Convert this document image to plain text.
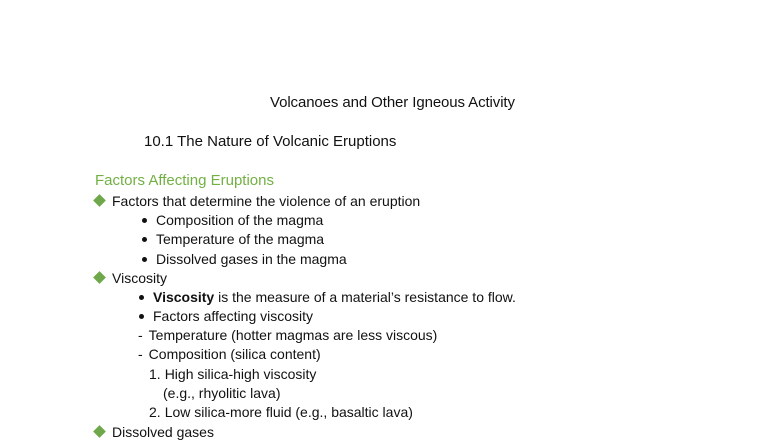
Volcanoes and Other Igneous Activity
10.1 The Nature of Volcanic Eruptions
Factors Affecting Eruptions
Factors that determine the violence of an eruption
Composition of the magma
Temperature of the magma
Dissolved gases in the magma
Viscosity
Viscosity is the measure of a material’s resistance to flow.
Factors affecting viscosity
- Temperature (hotter magmas are less viscous)
- Composition (silica content)
1. High silica-high viscosity
(e.g., rhyolitic lava)
2. Low silica-more fluid (e.g., basaltic lava)
Dissolved gases
